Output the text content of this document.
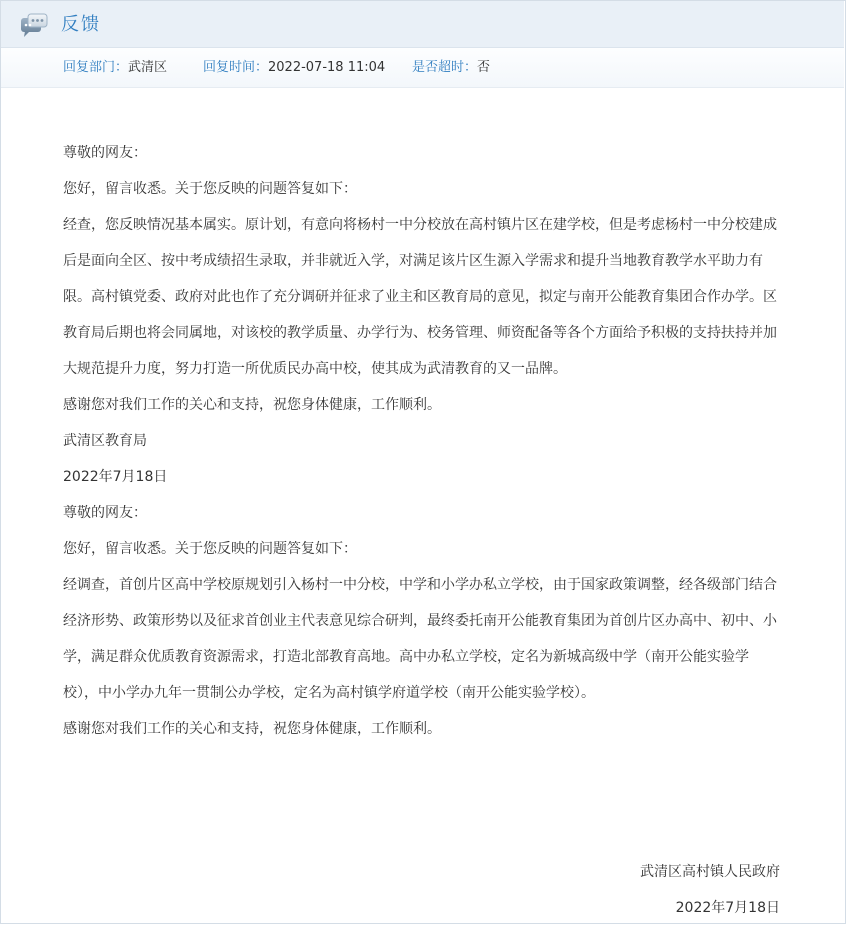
反馈
回复部门：武清区	回复时间：2022-07-18 11:04 是否超时：否

尊敬的网友：

您好，留言收悉。关于您反映的问题答复如下：

经查，您反映情况基本属实。原计划，有意向将杨村一中分校放在高村镇片区在建学校，但是考虑杨村一中分校建成后是面向全区、按中考成绩招生录取，并非就近入学，对满足该片区生源入学需求和提升当地教育教学水平助力有限。高村镇党委、政府对此也作了充分调研并征求了业主和区教育局的意见，拟定与南开公能教育集团合作办学。区教育局后期也将会同属地，对该校的教学质量、办学行为、校务管理、师资配备等各个方面给予积极的支持扶持并加大规范提升力度，努力打造一所优质民办高中校，使其成为武清教育的又一品牌。

感谢您对我们工作的关心和支持，祝您身体健康，工作顺利。

武清区教育局

2022年7月18日

尊敬的网友：

您好，留言收悉。关于您反映的问题答复如下：

经调查，首创片区高中学校原规划引入杨村一中分校，中学和小学办私立学校，由于国家政策调整，经各级部门结合经济形势、政策形势以及征求首创业主代表意见综合研判，最终委托南开公能教育集团为首创片区办高中、初中、小学，满足群众优质教育资源需求，打造北部教育高地。高中办私立学校，定名为新城高级中学（南开公能实验学校），中小学办九年一贯制公办学校，定名为高村镇学府道学校（南开公能实验学校）。

感谢您对我们工作的关心和支持，祝您身体健康，工作顺利。

武清区高村镇人民政府
2022年7月18日
